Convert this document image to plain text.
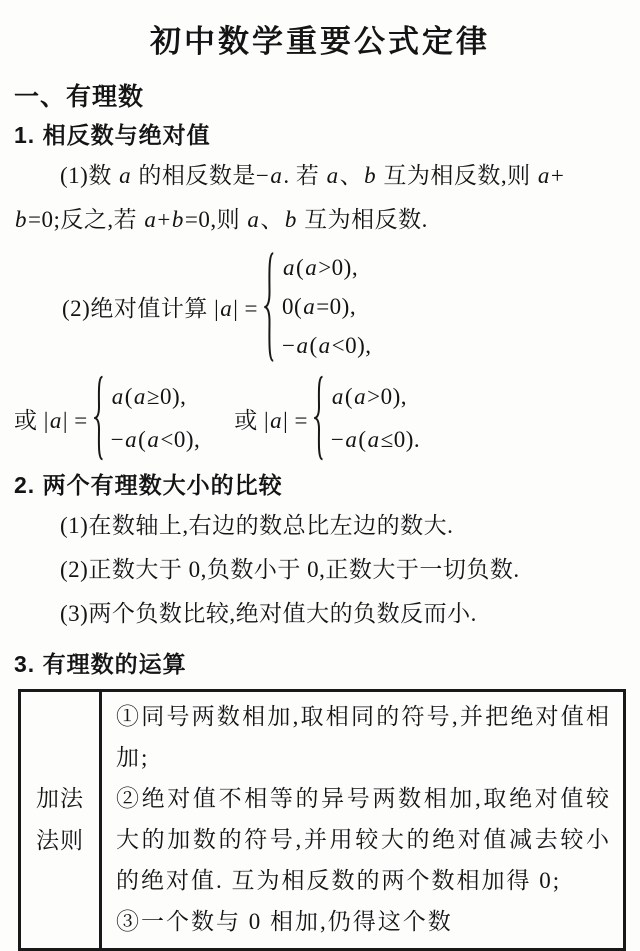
初中数学重要公式定律
一、有理数
1. 相反数与绝对值

(1)数 a 的相反数是−a. 若 a、b 互为相反数,则 a+
b=0;反之,若 a+b=0,则 a、b 互为相反数.

(2)绝对值计算 |a| =
a(a>0),
0(a=0),
−a(a<0),
或 |a| =
a(a≥0),
−a(a<0),
或 |a| =
a(a>0),
−a(a≤0).
2. 两个有理数大小的比较

(1)在数轴上,右边的数总比左边的数大.
(2)正数大于 0,负数小于 0,正数大于一切负数.
(3)两个负数比较,绝对值大的负数反而小.

3. 有理数的运算
加法
法则

①同号两数相加,取相同的符号,并把绝对值相加;

②绝对值不相等的异号两数相加,取绝对值较大的加数的符号,并用较大的绝对值减去较小的绝对值. 互为相反数的两个数相加得 0;

③一个数与 0 相加,仍得这个数
